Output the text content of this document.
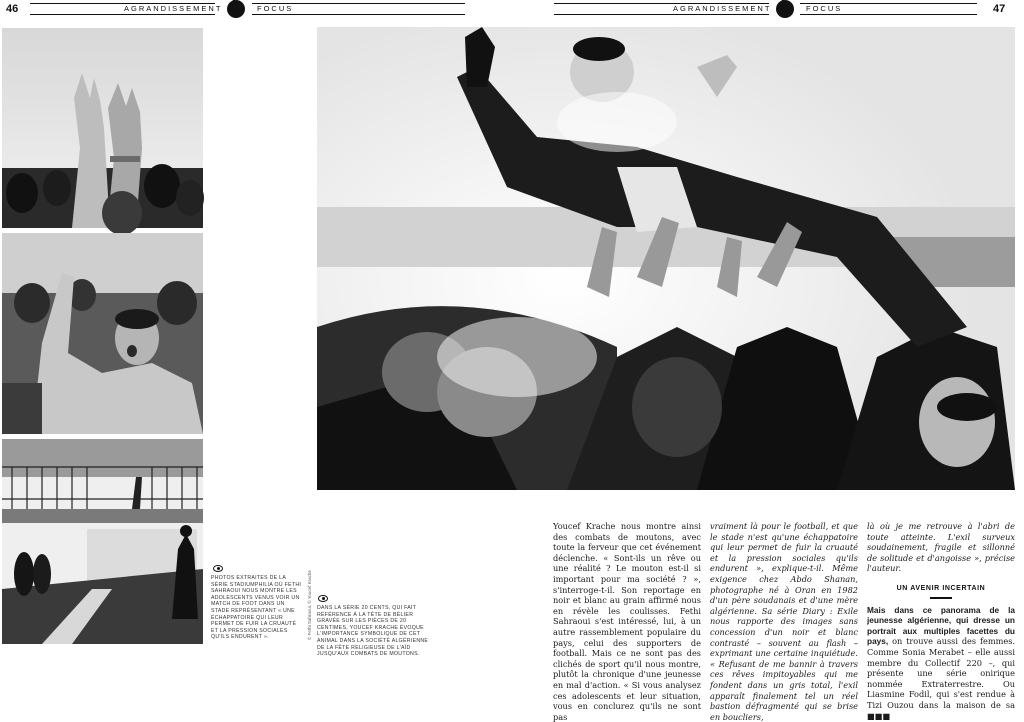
46	AGRANDISSEMENT	FOCUS	AGRANDISSEMENT	FOCUS	47
© Fethi Sahraoui, © Youcef Krache
PHOTOS EXTRAITES DE LA SÉRIE STADIUMPHILIA OÙ FETHI SAHRAOUI NOUS MONTRE LES ADOLESCENTS VENUS VOIR UN MATCH DE FOOT DANS UN STADE REPRÉSENTANT « UNE ÉCHAPPATOIRE QUI LEUR PERMET DE FUIR LA CRUAUTÉ ET LA PRESSION SOCIALES QU'ILS ENDURENT ».
DANS LA SÉRIE 20 CENTS, QUI FAIT RÉFÉRENCE À LA TÊTE DE BÉLIER GRAVÉE SUR LES PIÈCES DE 20 CENTIMES, YOUCEF KRACHE ÉVOQUE L'IMPORTANCE SYMBOLIQUE DE CET ANIMAL DANS LA SOCIÉTÉ ALGÉRIENNE DE LA FÊTE RELIGIEUSE DE L'AÏD JUSQU'AUX COMBATS DE MOUTONS.

Youcef Krache nous montre ainsi des combats de moutons, avec toute la ferveur que cet événement déclenche. « Sont-ils un rêve ou une réalité ? Le mouton est-il si important pour ma société ? », s'interroge-t-il. Son reportage en noir et blanc au grain affirmé nous en révèle les coulisses. Fethi Sahraoui s'est intéressé, lui, à un autre rassemblement populaire du pays, celui des supporters de football. Mais ce ne sont pas des clichés de sport qu'il nous montre, plutôt la chronique d'une jeunesse en mal d'action. « Si vous analysez ces adolescents et leur situation, vous en conclurez qu'ils ne sont pas

vraiment là pour le football, et que le stade n'est qu'une échappatoire qui leur permet de fuir la cruauté et la pression sociales qu'ils endurent », explique-t-il. Même exigence chez Abdo Shanan, photographe né à Oran en 1982 d'un père soudanais et d'une mère algérienne. Sa série Diary : Exile nous rapporte des images sans concession d'un noir et blanc contrasté – souvent au flash – exprimant une certaine inquiétude. « Refusant de me bannir à travers ces rêves impitoyables qui me fondent dans un gris total, l'exil apparaît finalement tel un réel bastion défragmenté qui se brise en boucliers,

là où je me retrouve à l'abri de toute atteinte. L'exil surveux soudainement, fragile et sillonné de solitude et d'angoisse », précise l'auteur.

UN AVENIR INCERTAIN

Mais dans ce panorama de la jeunesse algérienne, qui dresse un portrait aux multiples facettes du pays, on trouve aussi des femmes. Comme Sonia Merabet – elle aussi membre du Collectif 220 –, qui présente une série onirique nommée Extraterrestre. Ou Liasmine Fodil, qui s'est rendue à Tizi Ouzou dans la maison de sa ■■■
